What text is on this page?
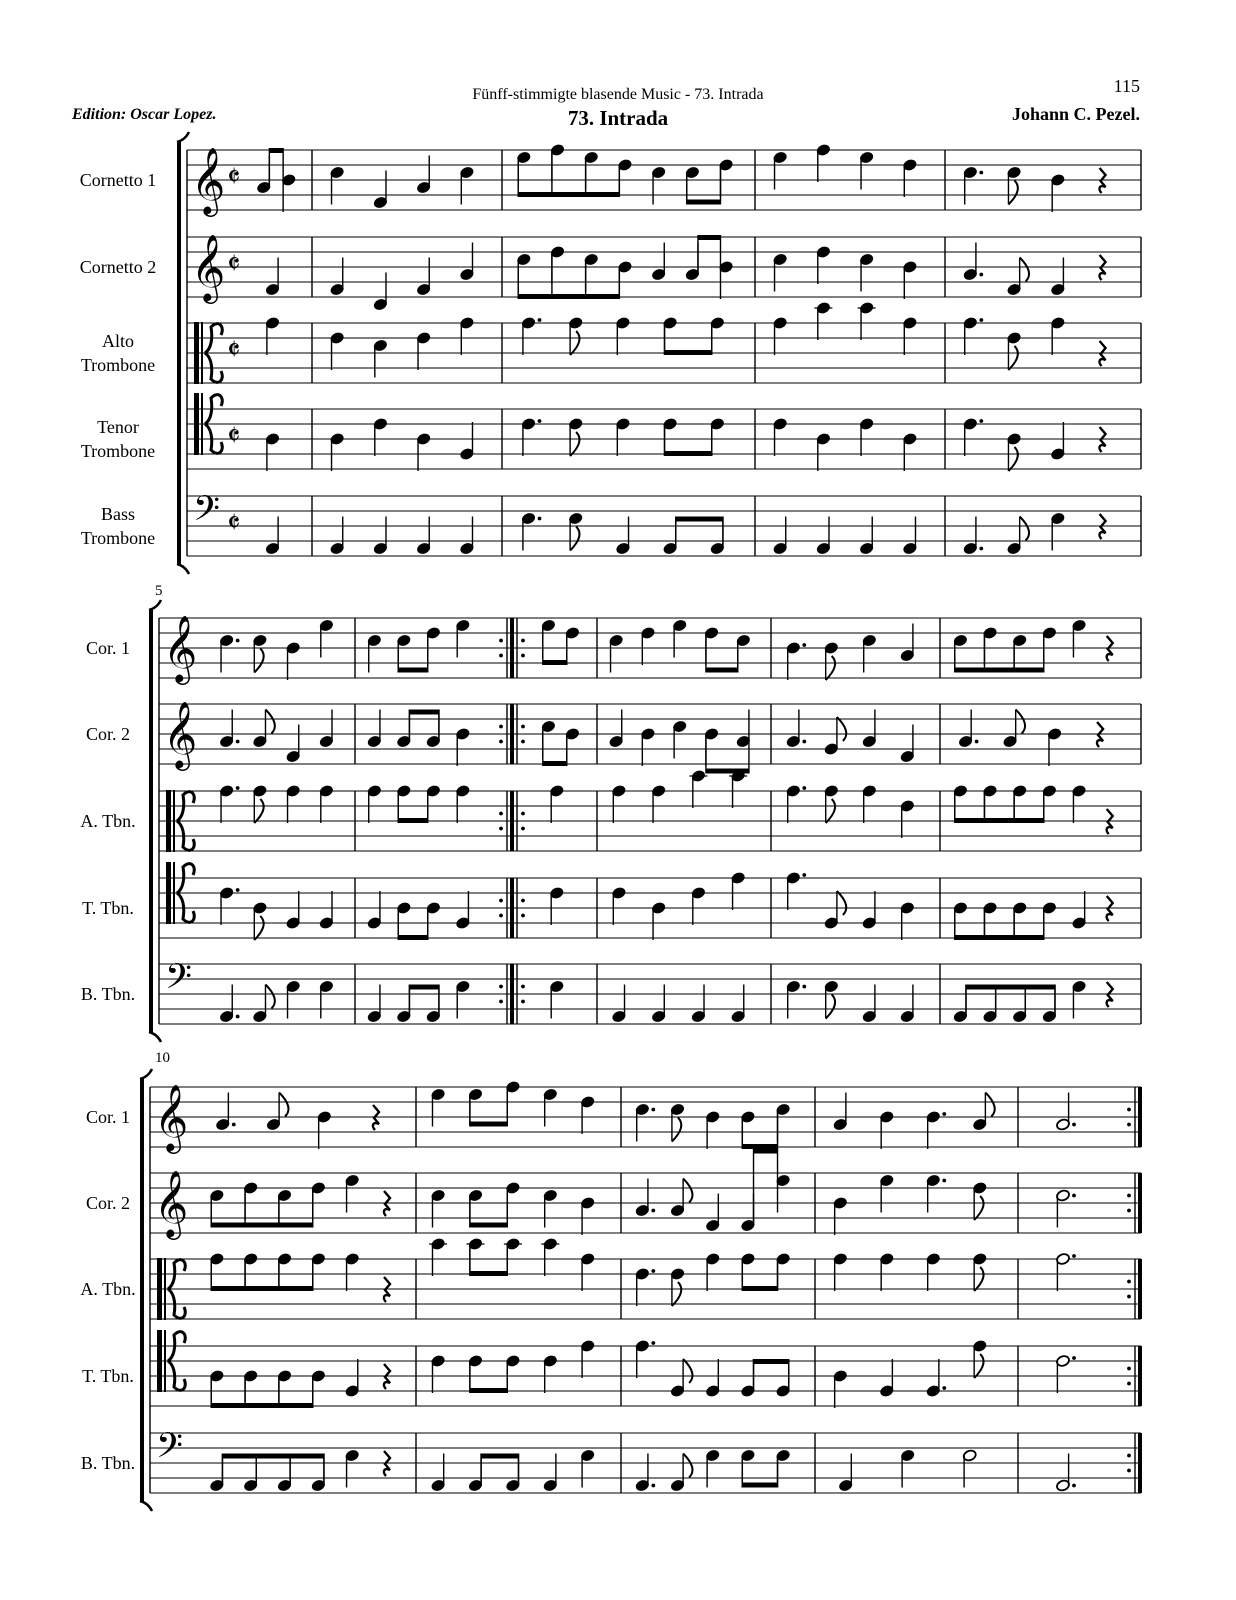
Fünff-stimmigte blasende Music - 73. Intrada	115
Edition: Oscar Lopez.	73. Intrada	Johann C. Pezel.
Cornetto 1 𝄞 𝄵
Cornetto 2 𝄞 𝄵
Alto
Trombone 𝄵
Tenor
Trombone 𝄵
Bass
Trombone
𝄢 𝄵
5
Cor. 1 𝄞
Cor. 2 𝄞
A. Tbn.
T. Tbn.
B. Tbn. 𝄢
10
Cor. 1 𝄞
Cor. 2 𝄞
A. Tbn.
T. Tbn.
B. Tbn. 𝄢
